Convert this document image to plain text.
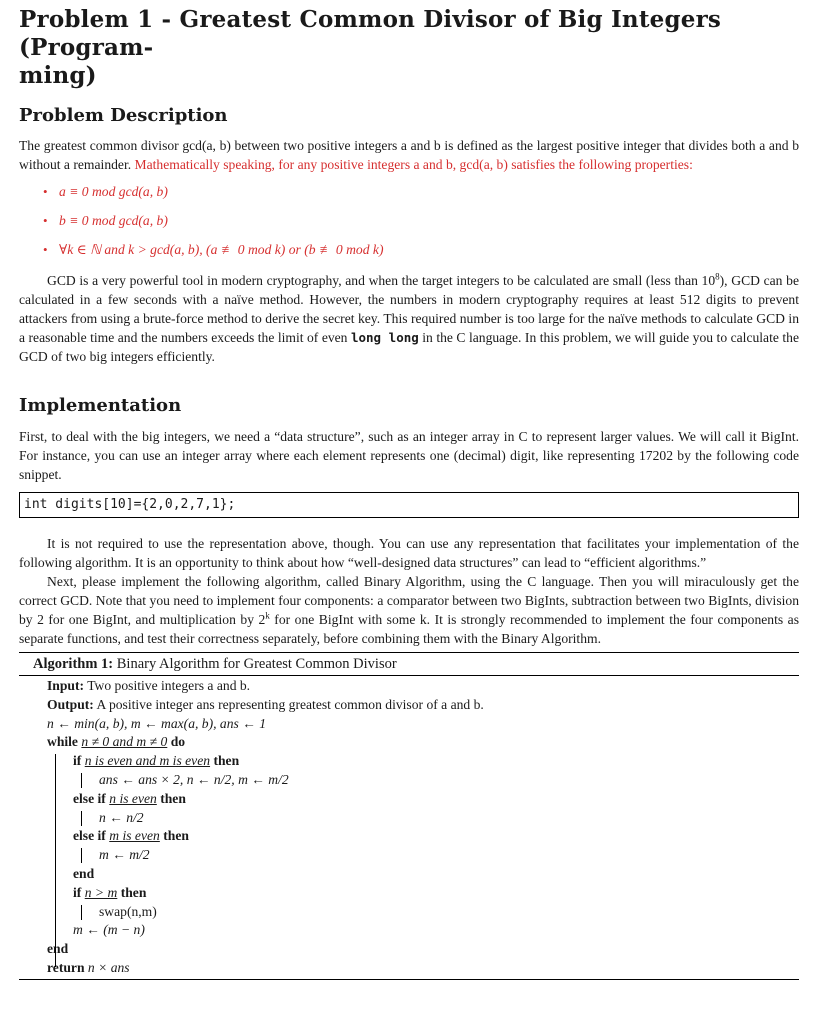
Problem 1 - Greatest Common Divisor of Big Integers (Program-
ming)
Problem Description

The greatest common divisor gcd(a, b) between two positive integers a and b is defined as the largest positive integer that divides both a and b without a remainder. Mathematically speaking, for any positive integers a and b, gcd(a, b) satisfies the following properties:

• a ≡ 0 mod gcd(a, b)
• b ≡ 0 mod gcd(a, b)
• ∀k ∈ ℕ and k > gcd(a, b), (a ≢ 0 mod k) or (b ≢ 0 mod k)

GCD is a very powerful tool in modern cryptography, and when the target integers to be calculated are small (less than $10^8$), GCD can be calculated in a few seconds with a naïve method. However, the numbers in modern cryptography requires at least 512 digits to prevent attackers from using a brute-force method to derive the secret key. This required number is too large for the naïve methods to calculate GCD in a reasonable time and the numbers exceeds the limit of even long long in the C language. In this problem, we will guide you to calculate the GCD of two big integers efficiently.

Implementation

First, to deal with the big integers, we need a “data structure”, such as an integer array in C to represent larger values. We will call it BigInt. For instance, you can use an integer array where each element represents one (decimal) digit, like representing 17202 by the following code snippet.

int digits[10]={2,0,2,7,1};

It is not required to use the representation above, though. You can use any representation that facilitates your implementation of the following algorithm. It is an opportunity to think about how “well-designed data structures” can lead to “efficient algorithms.”

Next, please implement the following algorithm, called Binary Algorithm, using the C language. Then you will miraculously get the correct GCD. Note that you need to implement four components: a comparator between two BigInts, subtraction between two BigInts, division by 2 for one BigInt, and multiplication by 2$^k$ for one BigInt with some k. It is strongly recommended to implement the four components as separate functions, and test their correctness separately, before combining them with the Binary Algorithm.

Algorithm 1: Binary Algorithm for Greatest Common Divisor
Input: Two positive integers a and b.
Output: A positive integer ans representing greatest common divisor of a and b.
n ← min(a, b), m ← max(a, b), ans ← 1
while n ≠ 0 and m ≠ 0 do
if n is even and m is even then
ans ← ans × 2, n ← n/2, m ← m/2
else if n is even then
n ← n/2
else if m is even then
m ← m/2
end
if n > m then
swap(n,m)
m ← (m − n)
end
return n × ans
